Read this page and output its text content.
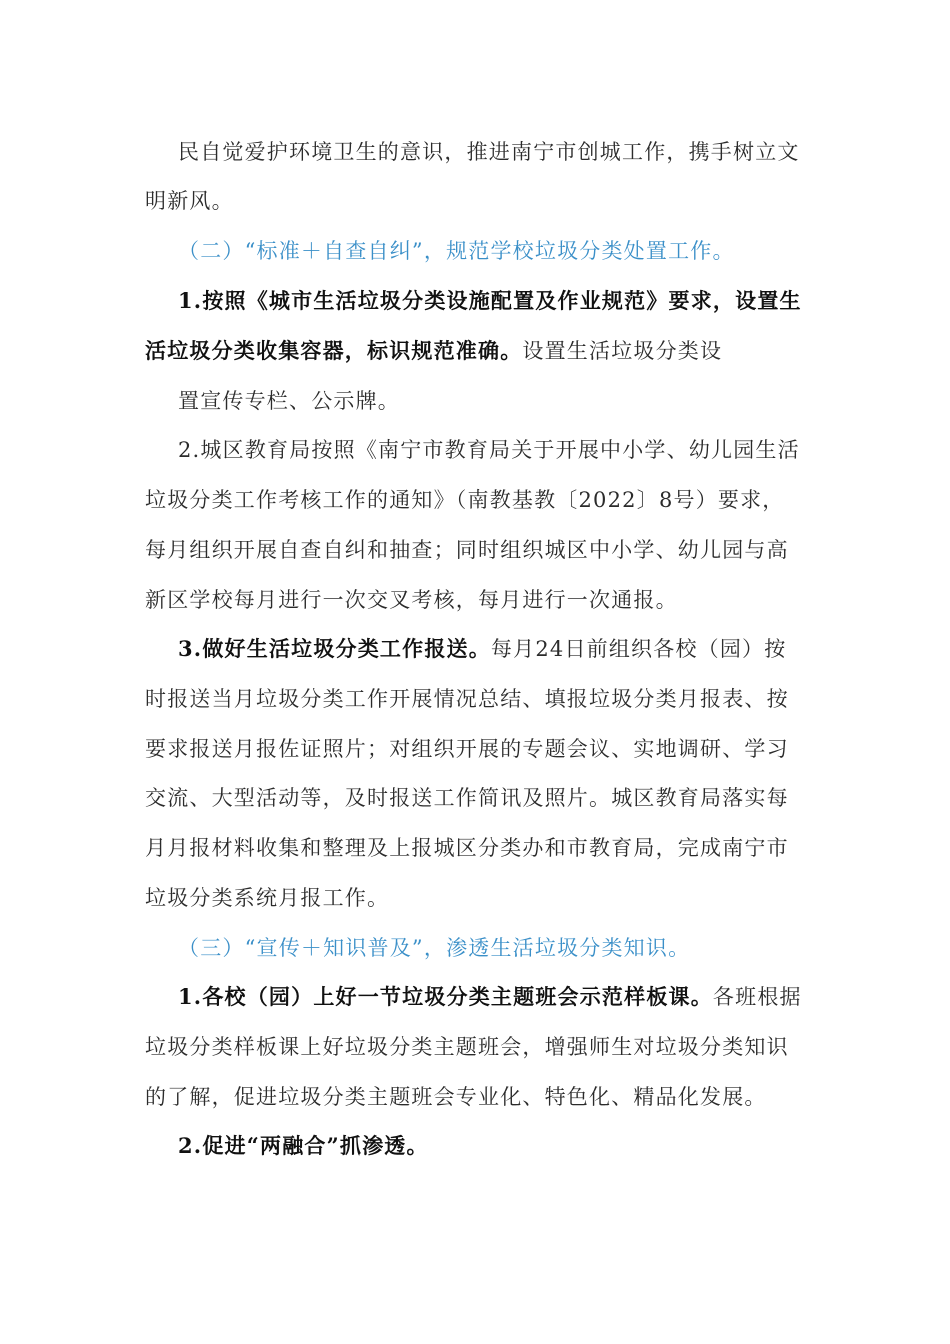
民自觉爱护环境卫生的意识，推进南宁市创城工作，携手树立文
明新风。
（二）“标准＋自查自纠”，规范学校垃圾分类处置工作。
1.按照《城市生活垃圾分类设施配置及作业规范》要求，设置生
活垃圾分类收集容器，标识规范准确。设置生活垃圾分类设
置宣传专栏、公示牌。
2.城区教育局按照《南宁市教育局关于开展中小学、幼儿园生活
垃圾分类工作考核工作的通知》（南教基教〔2022〕8号）要求，
每月组织开展自查自纠和抽查；同时组织城区中小学、幼儿园与高
新区学校每月进行一次交叉考核，每月进行一次通报。
3.做好生活垃圾分类工作报送。每月24日前组织各校（园）按
时报送当月垃圾分类工作开展情况总结、填报垃圾分类月报表、按
要求报送月报佐证照片；对组织开展的专题会议、实地调研、学习
交流、大型活动等，及时报送工作简讯及照片。城区教育局落实每
月月报材料收集和整理及上报城区分类办和市教育局，完成南宁市
垃圾分类系统月报工作。
（三）“宣传＋知识普及”，渗透生活垃圾分类知识。
1.各校（园）上好一节垃圾分类主题班会示范样板课。各班根据
垃圾分类样板课上好垃圾分类主题班会，增强师生对垃圾分类知识
的了解，促进垃圾分类主题班会专业化、特色化、精品化发展。
2.促进“两融合”抓渗透。
